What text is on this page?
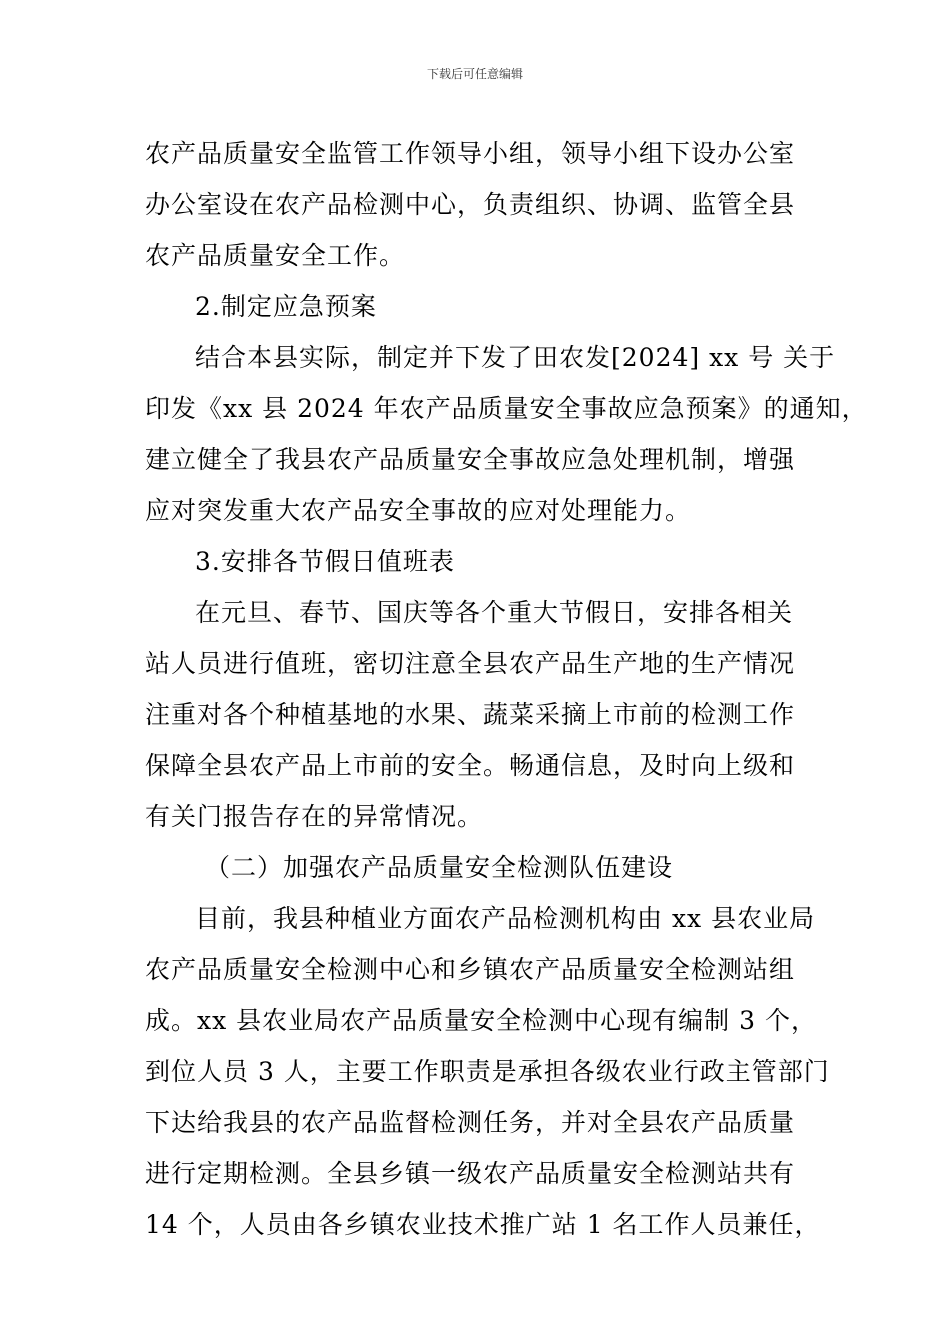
下载后可任意编辑
农产品质量安全监管工作领导小组，领导小组下设办公室
办公室设在农产品检测中心，负责组织、协调、监管全县
农产品质量安全工作。
2.制定应急预案
结合本县实际，制定并下发了田农发[2024] xx 号 关于
印发《xx 县 2024 年农产品质量安全事故应急预案》的通知，
建立健全了我县农产品质量安全事故应急处理机制，增强
应对突发重大农产品安全事故的应对处理能力。
3.安排各节假日值班表
在元旦、春节、国庆等各个重大节假日，安排各相关
站人员进行值班，密切注意全县农产品生产地的生产情况
注重对各个种植基地的水果、蔬菜采摘上市前的检测工作
保障全县农产品上市前的安全。畅通信息，及时向上级和
有关门报告存在的异常情况。
（二）加强农产品质量安全检测队伍建设
目前，我县种植业方面农产品检测机构由 xx 县农业局
农产品质量安全检测中心和乡镇农产品质量安全检测站组
成。xx 县农业局农产品质量安全检测中心现有编制 3 个，
到位人员 3 人，主要工作职责是承担各级农业行政主管部门
下达给我县的农产品监督检测任务，并对全县农产品质量
进行定期检测。全县乡镇一级农产品质量安全检测站共有
14 个，人员由各乡镇农业技术推广站 1 名工作人员兼任，
